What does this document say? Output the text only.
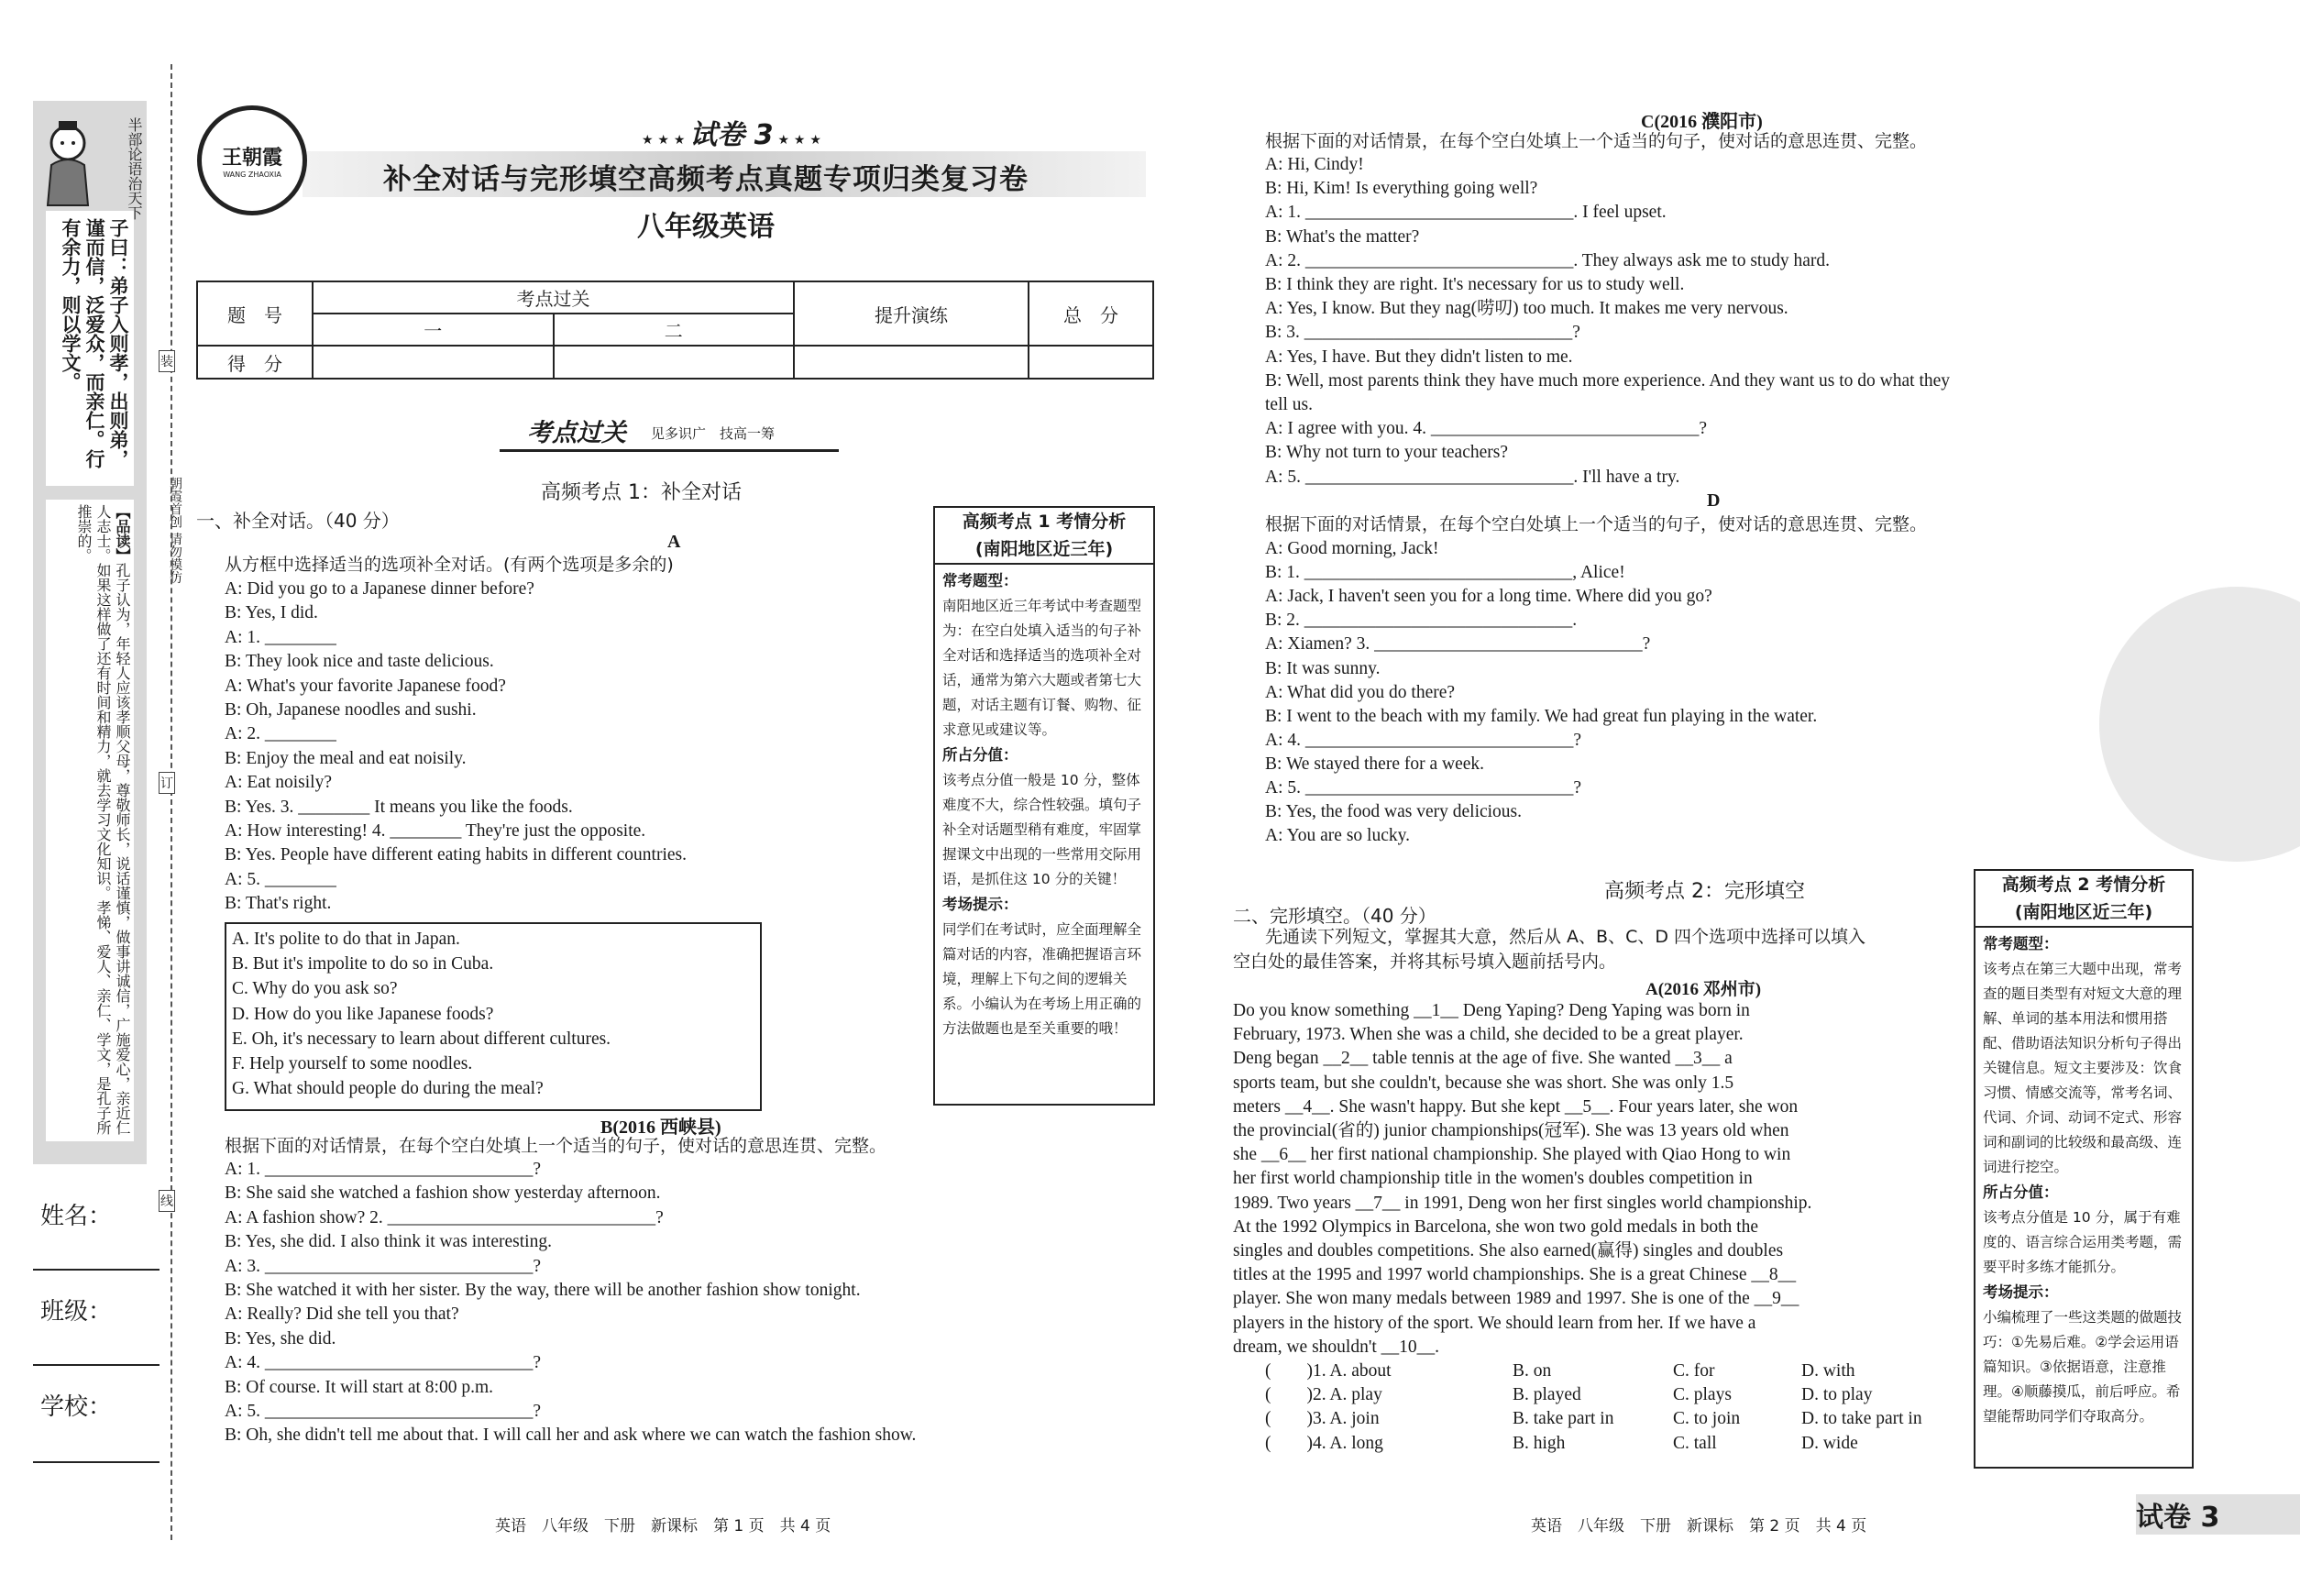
半部论语治天下
子曰：弟子入则孝，出则弟，谨而信，泛爱众，而亲仁。行有余力，则以学文。
【品读】孔子认为，年轻人应该孝顺父母，尊敬师长，说话谨慎，做事讲诚信，广施爱心，亲近仁人志士。如果这样做了还有时间和精力，就去学习文化知识。孝悌、爱人、亲仁、学文，是孔子所推崇的。	朝霞首创 请勿模仿
装
订
线
姓名：
班级：
学校：
王朝霞
WANG ZHAOXIA
★ ★ ★ 试卷 3 ★ ★ ★
补全对话与完形填空高频考点真题专项归类复习卷
八年级英语
题　号	考点过关		提升演练	总　分
	一	二		
得　分				
考点过关 见多识广　技高一筹
高频考点 1：补全对话
一、补全对话。（40 分）
A
从方框中选择适当的选项补全对话。(有两个选项是多余的)
A: Did you go to a Japanese dinner before?
B: Yes, I did.
A: 1. ________
B: They look nice and taste delicious.
A: What's your favorite Japanese food?
B: Oh, Japanese noodles and sushi.
A: 2. ________
B: Enjoy the meal and eat noisily.
A: Eat noisily?
B: Yes. 3. ________ It means you like the foods.
A: How interesting! 4. ________ They're just the opposite.
B: Yes. People have different eating habits in different countries.
A: 5. ________
B: That's right.
A. It's polite to do that in Japan.
B. But it's impolite to do so in Cuba.
C. Why do you ask so?
D. How do you like Japanese foods?
E. Oh, it's necessary to learn about different cultures.
F. Help yourself to some noodles.
G. What should people do during the meal?
B(2016 西峡县)
根据下面的对话情景，在每个空白处填上一个适当的句子，使对话的意思连贯、完整。
A: 1. ______________________________?
B: She said she watched a fashion show yesterday afternoon.
A: A fashion show? 2. ______________________________?
B: Yes, she did. I also think it was interesting.
A: 3. ______________________________?
B: She watched it with her sister. By the way, there will be another fashion show tonight.
A: Really? Did she tell you that?
B: Yes, she did.
A: 4. ______________________________?
B: Of course. It will start at 8:00 p.m.
A: 5. ______________________________?
B: Oh, she didn't tell me about that. I will call her and ask where we can watch the fashion show.
高频考点 1 考情分析
(南阳地区近三年)
常考题型：
南阳地区近三年考试中考查题型为：在空白处填入适当的句子补全对话和选择适当的选项补全对话，通常为第六大题或者第七大题，对话主题有订餐、购物、征求意见或建议等。
所占分值：
该考点分值一般是 10 分，整体难度不大，综合性较强。填句子补全对话题型稍有难度，牢固掌握课文中出现的一些常用交际用语，是抓住这 10 分的关键！
考场提示：
同学们在考试时，应全面理解全篇对话的内容，准确把握语言环境，理解上下句之间的逻辑关系。小编认为在考场上用正确的方法做题也是至关重要的哦！
C(2016 濮阳市)
根据下面的对话情景，在每个空白处填上一个适当的句子，使对话的意思连贯、完整。
A: Hi, Cindy!
B: Hi, Kim! Is everything going well?
A: 1. ______________________________. I feel upset.
B: What's the matter?
A: 2. ______________________________. They always ask me to study hard.
B: I think they are right. It's necessary for us to study well.
A: Yes, I know. But they nag(唠叨) too much. It makes me very nervous.
B: 3. ______________________________?
A: Yes, I have. But they didn't listen to me.
B: Well, most parents think they have much more experience. And they want us to do what they
tell us.
A: I agree with you. 4. ______________________________?
B: Why not turn to your teachers?
A: 5. ______________________________. I'll have a try.
D
根据下面的对话情景，在每个空白处填上一个适当的句子，使对话的意思连贯、完整。
A: Good morning, Jack!
B: 1. ______________________________, Alice!
A: Jack, I haven't seen you for a long time. Where did you go?
B: 2. ______________________________.
A: Xiamen? 3. ______________________________?
B: It was sunny.
A: What did you do there?
B: I went to the beach with my family. We had great fun playing in the water.
A: 4. ______________________________?
B: We stayed there for a week.
A: 5. ______________________________?
B: Yes, the food was very delicious.
A: You are so lucky.
高频考点 2：完形填空
二、完形填空。（40 分）
先通读下列短文，掌握其大意，然后从 A、B、C、D 四个选项中选择可以填入
空白处的最佳答案，并将其标号填入题前括号内。
A(2016 邓州市)
Do you know something __1__ Deng Yaping? Deng Yaping was born in
February, 1973. When she was a child, she decided to be a great player.
Deng began __2__ table tennis at the age of five. She wanted __3__ a
sports team, but she couldn't, because she was short. She was only 1.5
meters __4__. She wasn't happy. But she kept __5__. Four years later, she won
the provincial(省的) junior championships(冠军). She was 13 years old when
she __6__ her first national championship. She played with Qiao Hong to win
her first world championship title in the women's doubles competition in
1989. Two years __7__ in 1991, Deng won her first singles world championship.
At the 1992 Olympics in Barcelona, she won two gold medals in both the
singles and doubles competitions. She also earned(赢得) singles and doubles
titles at the 1995 and 1997 world championships. She is a great Chinese __8__
player. She won many medals between 1989 and 1997. She is one of the __9__
players in the history of the sport. We should learn from her. If we have a
dream, we shouldn't __10__.
(　　)1. A. about	B. on	C. for	D. with
(　　)2. A. play	B. played	C. plays	D. to play
(　　)3. A. join	B. take part in	C. to join	D. to take part in
(　　)4. A. long	B. high	C. tall	D. wide
高频考点 2 考情分析
(南阳地区近三年)
常考题型：
该考点在第三大题中出现，常考查的题目类型有对短文大意的理解、单词的基本用法和惯用搭配、借助语法知识分析句子得出关键信息。短文主要涉及：饮食习惯、情感交流等，常考名词、代词、介词、动词不定式、形容词和副词的比较级和最高级、连词进行挖空。
所占分值：
该考点分值是 10 分，属于有难度的、语言综合运用类考题，需要平时多练才能抓分。
考场提示：
小编梳理了一些这类题的做题技巧：①先易后难。②学会运用语篇知识。③依据语意，注意推理。④顺藤摸瓜，前后呼应。希望能帮助同学们夺取高分。
英语　八年级　下册　新课标　第 1 页　共 4 页	英语　八年级　下册　新课标　第 2 页　共 4 页	试卷 3
